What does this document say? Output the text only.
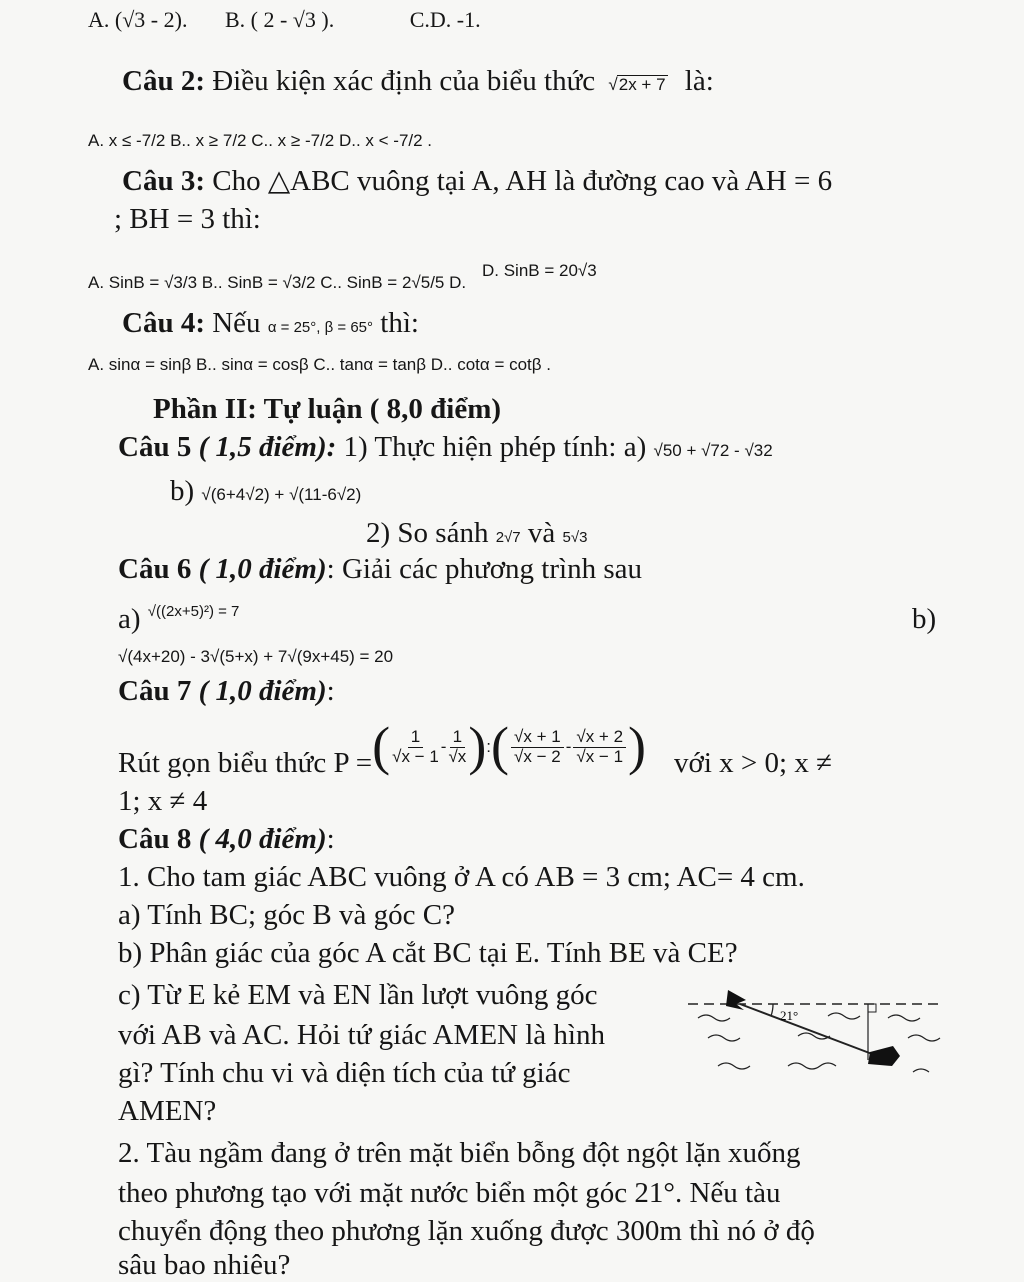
A. (√3 - 2). B. ( 2 - √3 ).	C.D. -1.
Câu 2: Điều kiện xác định của biểu thức √2x + 7 là:
A. x ≤ -7/2 B.. x ≥ 7/2 C.. x ≥ -7/2 D.. x < -7/2 .
Câu 3: Cho △ABC vuông tại A, AH là đường cao và AH = 6
; BH = 3 thì:
A. SinB = √3/3 B.. SinB = √3/2 C.. SinB = 2√5/5 D.
D. SinB = 20√3
Câu 4: Nếu α = 25°, β = 65° thì:
A. sinα = sinβ B.. sinα = cosβ C.. tanα = tanβ D.. cotα = cotβ .
Phần II: Tự luận ( 8,0 điểm)
Câu 5 ( 1,5 điểm): 1) Thực hiện phép tính: a) √50 + √72 - √32
b) √(6+4√2) + √(11-6√2)
2) So sánh 2√7 và 5√3
Câu 6 ( 1,0 điểm): Giải các phương trình sau
a) $^{√((2x+5)^2) = 7}$	b)
√(4x+20) - 3√(5+x) + 7√(9x+45) = 20
Câu 7 ( 1,0 điểm):
Rút gọn biểu thức P = ( $\frac{1}{√x - 1} - \frac{1}{√x}$ ) : ( $\frac{√x + 1}{√x - 2} - \frac{√x + 2}{√x - 1}$ ) với x > 0; x ≠
1; x ≠ 4
Câu 8 ( 4,0 điểm):
1. Cho tam giác ABC vuông ở A có AB = 3 cm; AC= 4 cm.
a) Tính BC; góc B và góc C?
b) Phân giác của góc A cắt BC tại E. Tính BE và CE?
c) Từ E kẻ EM và EN lần lượt vuông góc
với AB và AC. Hỏi tứ giác AMEN là hình
gì? Tính chu vi và diện tích của tứ giác
AMEN?
2. Tàu ngầm đang ở trên mặt biển bỗng đột ngột lặn xuống
theo phương tạo với mặt nước biển một góc 21°. Nếu tàu
chuyển động theo phương lặn xuống được 300m thì nó ở độ
sâu bao nhiêu?
21°
